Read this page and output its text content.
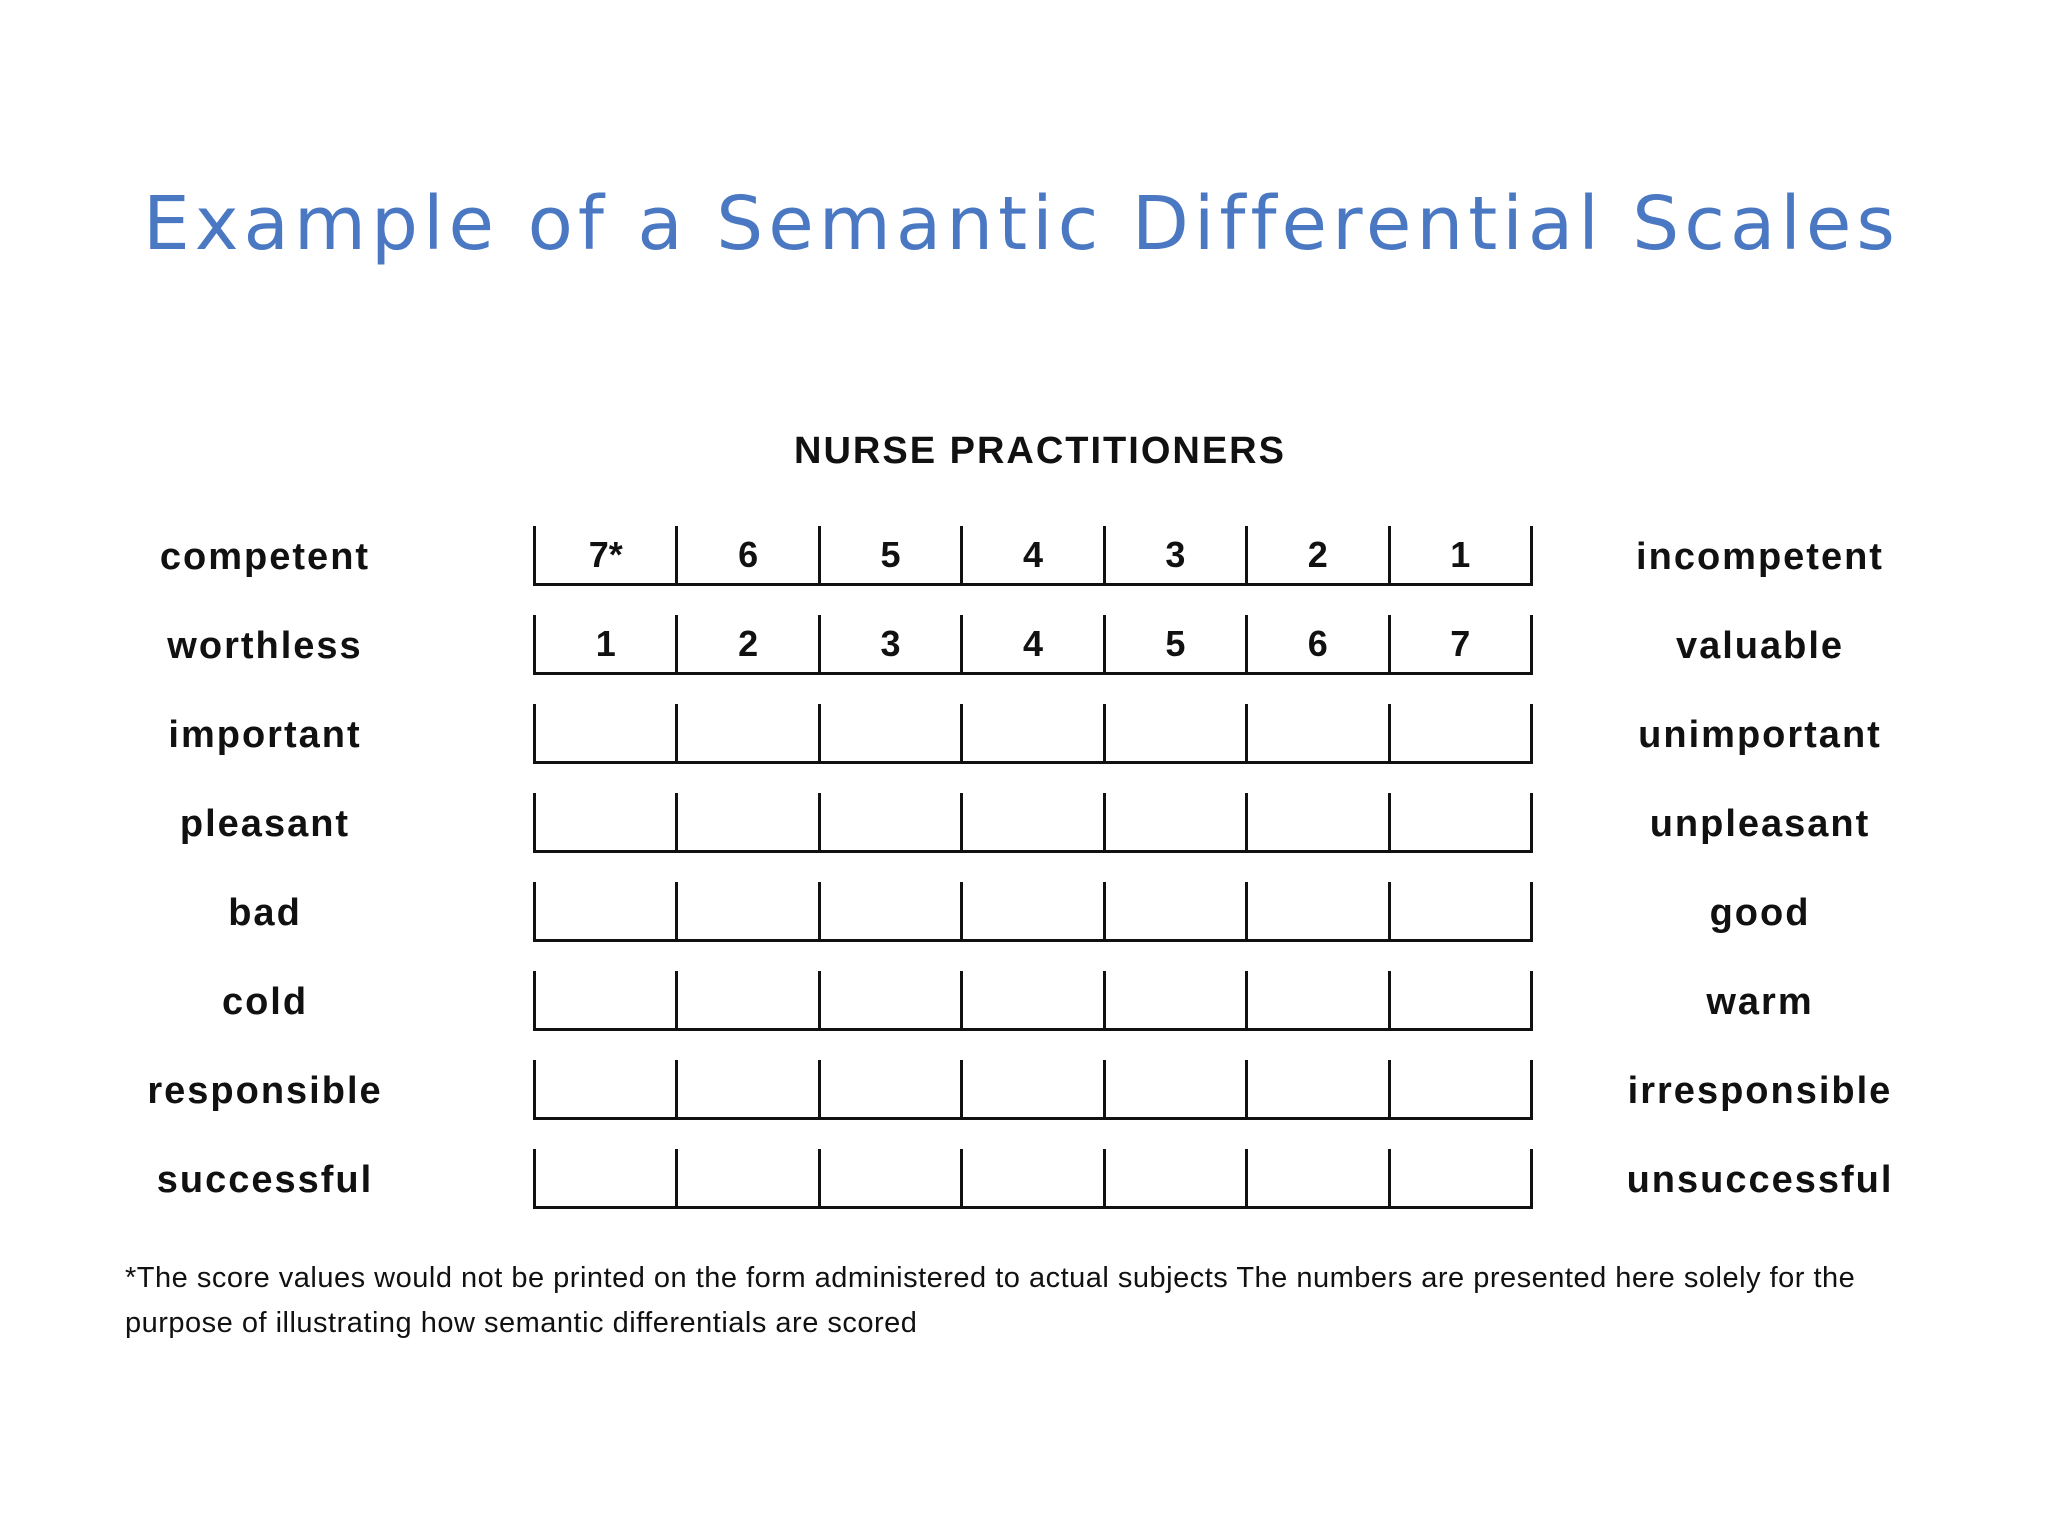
Example of a Semantic Differential Scales
NURSE PRACTITIONERS
competent	7*	6	5	4	3	2	1	incompetent
worthless	1	2	3	4	5	6	7	valuable
important	unimportant
pleasant	unpleasant
bad	good
cold	warm
responsible	irresponsible
successful	unsuccessful
*The score values would not be printed on the form administered to actual subjects The numbers are presented here solely for the purpose of illustrating how semantic differentials are scored
